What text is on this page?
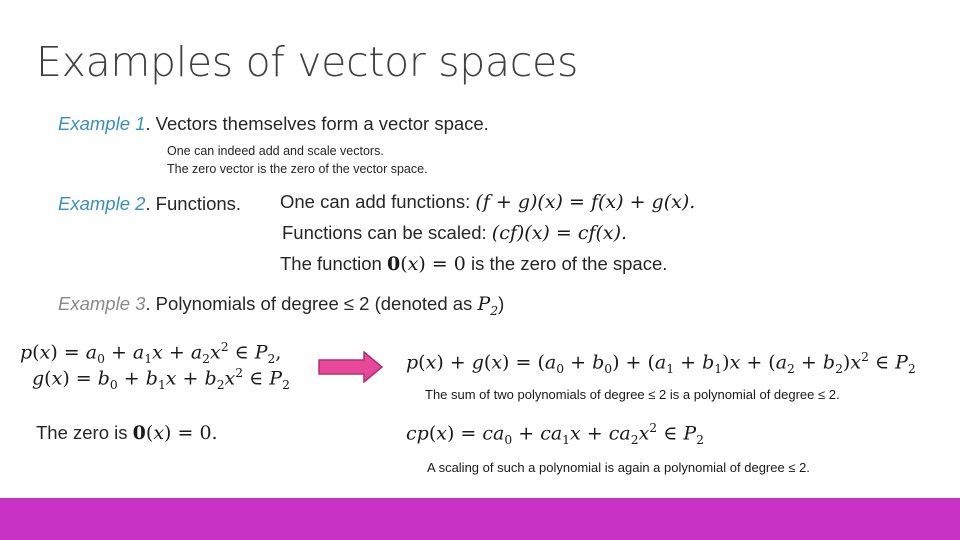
Examples of vector spaces
Example 1. Vectors themselves form a vector space.
One can indeed add and scale vectors.
The zero vector is the zero of the vector space.
Example 2. Functions. One can add functions: (f + g)(x) = f(x) + g(x).
Functions can be scaled: (cf)(x) = cf(x).
The function 0(x) = 0 is the zero of the space.
Example 3. Polynomials of degree ≤ 2 (denoted as $P_2$)
$p(x) = a_0 + a_1x + a_2x^2$ ∈ $P_2$,
$g(x) = b_0 + b_1x + b_2x^2$ ∈ $P_2$
$p(x) + g(x) = (a_0 + b_0) + (a_1 + b_1)x + (a_2 + b_2)x^2$ ∈ $P_2$
The sum of two polynomials of degree ≤ 2 is a polynomial of degree ≤ 2.
The zero is 0(x) = 0.	$cp(x) = ca_0 + ca_1x + ca_2x^2$ ∈ $P_2$
A scaling of such a polynomial is again a polynomial of degree ≤ 2.
